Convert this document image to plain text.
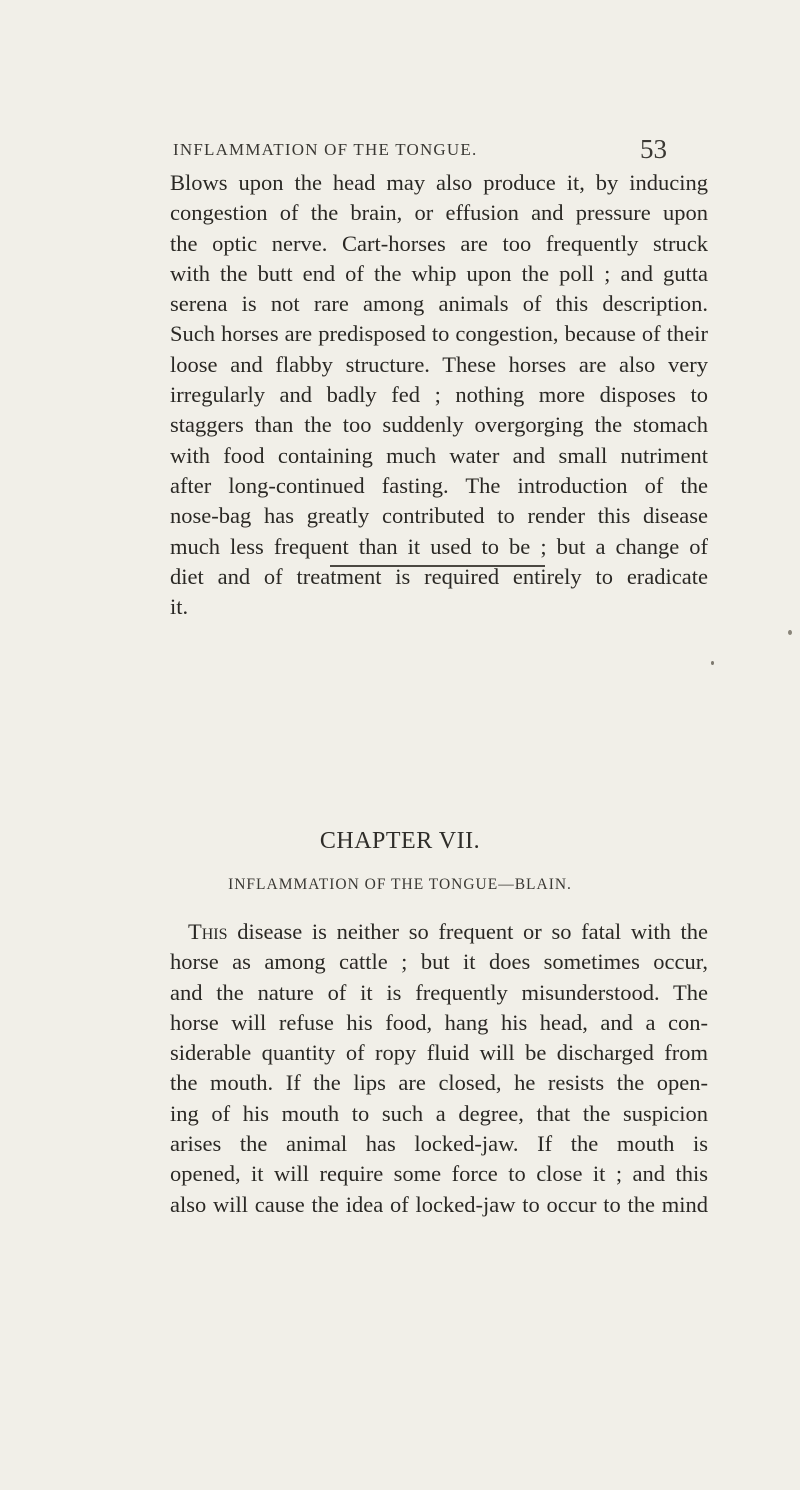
INFLAMMATION OF THE TONGUE.	53
Blows upon the head may also produce it, by inducing
congestion of the brain, or effusion and pressure upon
the optic nerve. Cart-horses are too frequently struck
with the butt end of the whip upon the poll ; and gutta
serena is not rare among animals of this description.
Such horses are predisposed to congestion, because of their
loose and flabby structure. These horses are also very
irregularly and badly fed ; nothing more disposes to
staggers than the too suddenly overgorging the stomach
with food containing much water and small nutriment
after long-continued fasting. The introduction of the
nose-bag has greatly contributed to render this disease
much less frequent than it used to be ; but a change of
diet and of treatment is required entirely to eradicate
it.
CHAPTER VII.
INFLAMMATION OF THE TONGUE—BLAIN.
This disease is neither so frequent or so fatal with the
horse as among cattle ; but it does sometimes occur,
and the nature of it is frequently misunderstood. The
horse will refuse his food, hang his head, and a con-
siderable quantity of ropy fluid will be discharged from
the mouth. If the lips are closed, he resists the open-
ing of his mouth to such a degree, that the suspicion
arises the animal has locked-jaw. If the mouth is
opened, it will require some force to close it ; and this
also will cause the idea of locked-jaw to occur to the mind
